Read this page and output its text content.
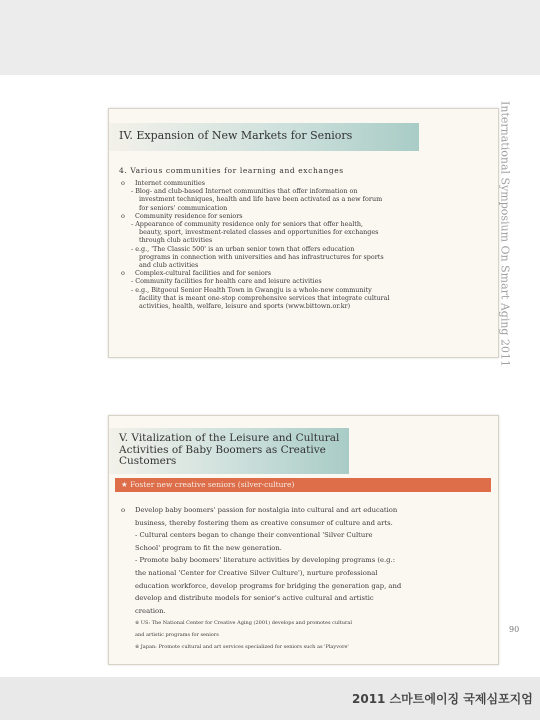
IV. Expansion of New Markets for Seniors
4. Various communities for learning and exchanges

o Internet communities

- Blog- and club-based Internet communities that offer information on

investment techniques, health and life have been activated as a new forum

for seniors' communication

o Community residence for seniors

- Appearance of community residence only for seniors that offer health,

beauty, sport, investment-related classes and opportunities for exchanges

through club activities

- e.g., 'The Classic 500' is an urban senior town that offers education

programs in connection with universities and has infrastructures for sports

and club activities

o Complex-cultural facilities and for seniors

- Community facilities for health care and leisure activities

- e.g., Bitgoeul Senior Health Town in Gwangju is a whole-new community

facility that is meant one-stop comprehensive services that integrate cultural

activities, health, welfare, leisure and sports (www.bittown.or.kr)

V. Vitalization of the Leisure and Cultural Activities of Baby Boomers as Creative Customers
★ Foster new creative seniors (silver-culture)

o Develop baby boomers' passion for nostalgia into cultural and art education

business, thereby fostering them as creative consumer of culture and arts.

- Cultural centers began to change their conventional 'Silver Culture

School' program to fit the new generation.

- Promote baby boomers' literature activities by developing programs (e.g.:

the national 'Center for Creative Silver Culture'), nurture professional

education workforce, develop programs for bridging the generation gap, and

develop and distribute models for senior's active cultural and artistic

creation.

※ US: The National Center for Creative Aging (2001) develops and promotes cultural

and artistic programs for seniors

※ Japan: Promote cultural and art services specialized for seniors such as 'Playvore'

International Symposium On Smart Aging 2011
90
2011 스마트에이징 국제심포지엄
